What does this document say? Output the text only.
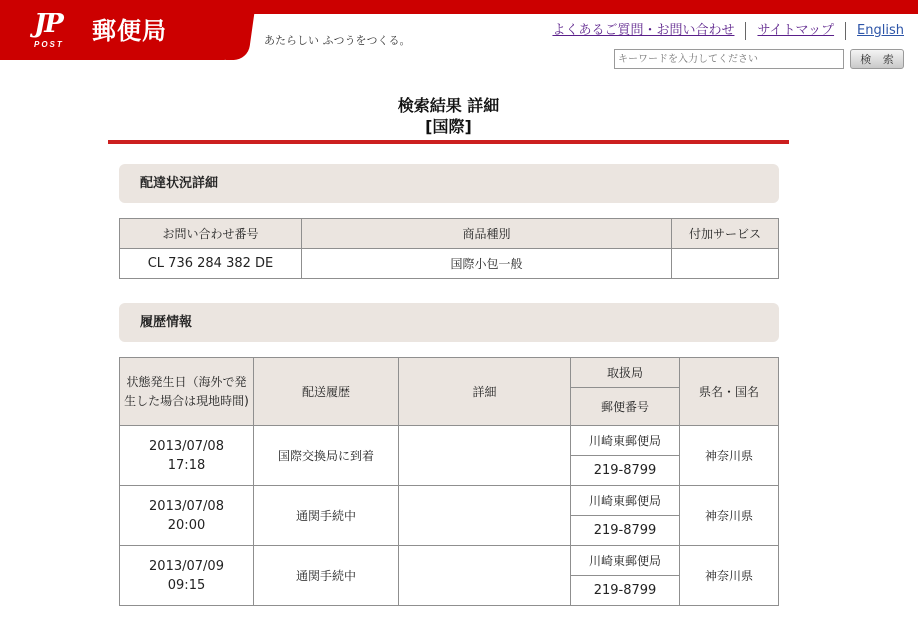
JP
POST 郵便局	あたらしい ふつうをつくる。
よくあるご質問・お問い合わせ サイトマップ English
キーワードを入力してください
検 索
検索結果 詳細
[国際]
配達状況詳細
お問い合わせ番号	商品種別	付加サービス
CL 736 284 382 DE	国際小包一般	
履歴情報
状態発生日（海外で発生した場合は現地時間)	配送履歴	詳細	取扱局	県名・国名
			郵便番号	

2013/07/08
17:18	国際交換局に到着		川崎東郵便局	神奈川県
			219-8799	

2013/07/08
20:00	通関手続中		川崎東郵便局	神奈川県
			219-8799	

2013/07/09
09:15	通関手続中		川崎東郵便局	神奈川県
			219-8799	
